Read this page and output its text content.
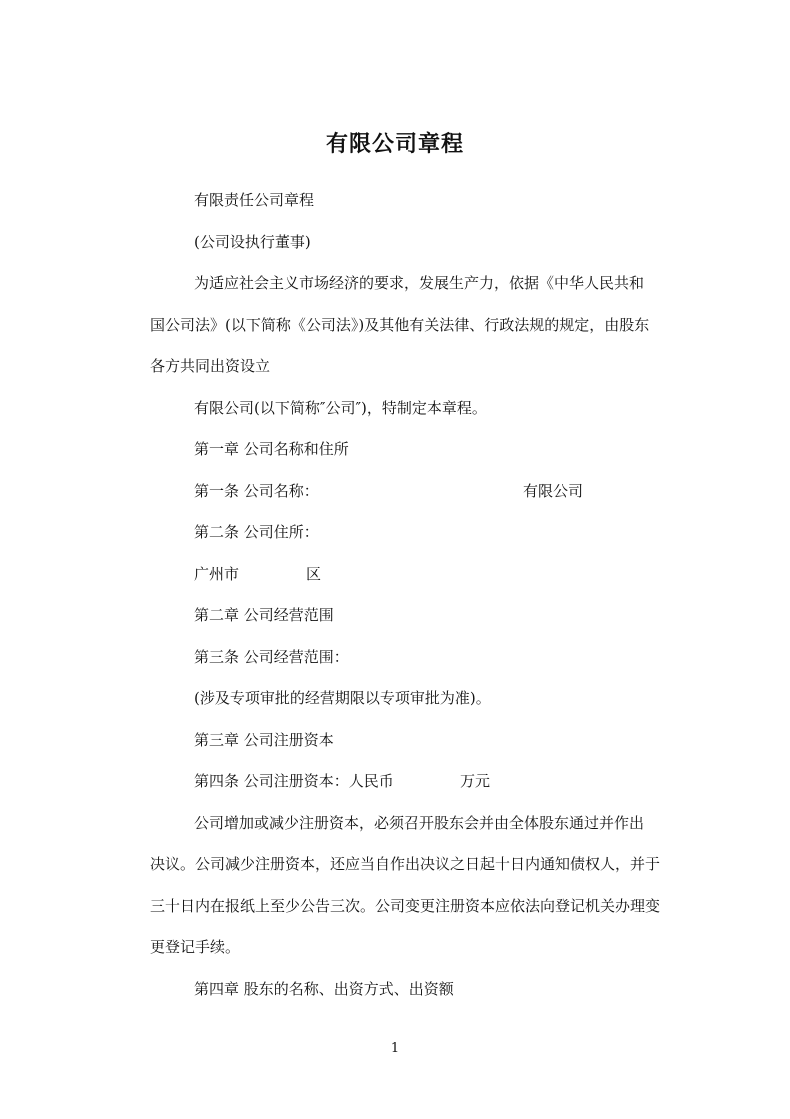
有限公司章程
有限责任公司章程
(公司设执行董事)
为适应社会主义市场经济的要求，发展生产力，依据《中华人民共和
国公司法》(以下简称《公司法》)及其他有关法律、行政法规的规定，由股东
各方共同出资设立
有限公司(以下简称″公司″)，特制定本章程。
第一章 公司名称和住所
第一条 公司名称：	有限公司
第二条 公司住所：
广州市	区
第二章 公司经营范围
第三条 公司经营范围：
(涉及专项审批的经营期限以专项审批为准)。
第三章 公司注册资本
第四条 公司注册资本：人民币	万元
公司增加或减少注册资本，必须召开股东会并由全体股东通过并作出
决议。公司减少注册资本，还应当自作出决议之日起十日内通知债权人，并于
三十日内在报纸上至少公告三次。公司变更注册资本应依法向登记机关办理变
更登记手续。
第四章 股东的名称、出资方式、出资额
1
